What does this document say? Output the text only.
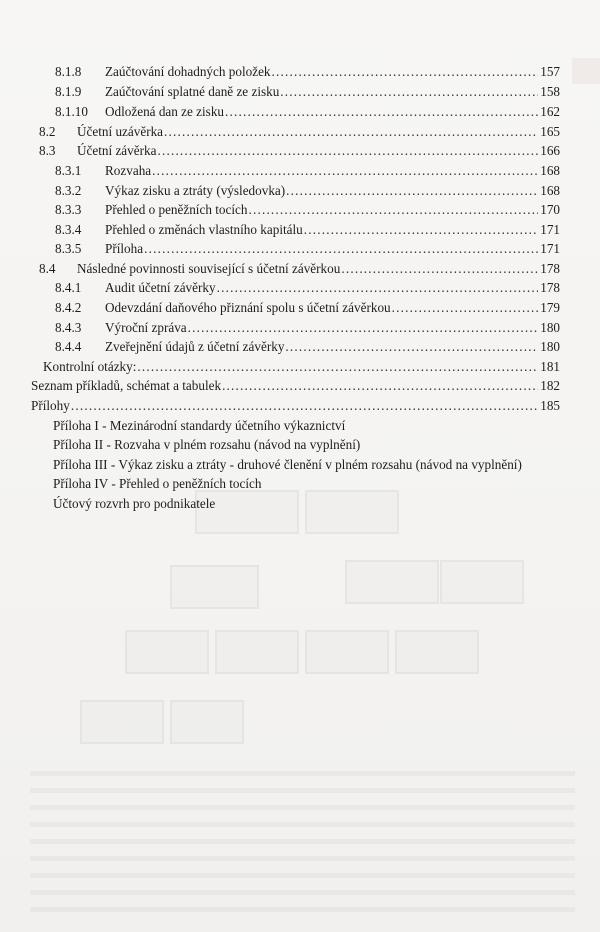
8.1.8	Zaúčtování dohadných položek .....	157
8.1.9	Zaúčtování splatné daně ze zisku .....	158
8.1.10	Odložená dan ze zisku .....	162
8.2	Účetní uzávěrka .....	165
8.3	Účetní závěrka .....	166
8.3.1	Rozvaha .....	168
8.3.2	Výkaz zisku a ztráty (výsledovka) .....	168
8.3.3	Přehled o peněžních tocích .....	170
8.3.4	Přehled o změnách vlastního kapitálu .....	171
8.3.5	Příloha .....	171
8.4	Následné povinnosti související s účetní závěrkou .....	178
8.4.1	Audit účetní závěrky .....	178
8.4.2	Odevzdání daňového přiznání spolu s účetní závěrkou .....	179
8.4.3	Výroční zpráva .....	180
8.4.4	Zveřejnění údajů z účetní závěrky .....	180
Kontrolní otázky: .....	181
Seznam příkladů, schémat a tabulek .....	182
Přílohy .....	185
Příloha I - Mezinárodní standardy účetního výkaznictví
Příloha II - Rozvaha v plném rozsahu (návod na vyplnění)
Příloha III - Výkaz zisku a ztráty - druhové členění v plném rozsahu (návod na vyplnění)
Příloha IV - Přehled o peněžních tocích
Účtový rozvrh pro podnikatele
